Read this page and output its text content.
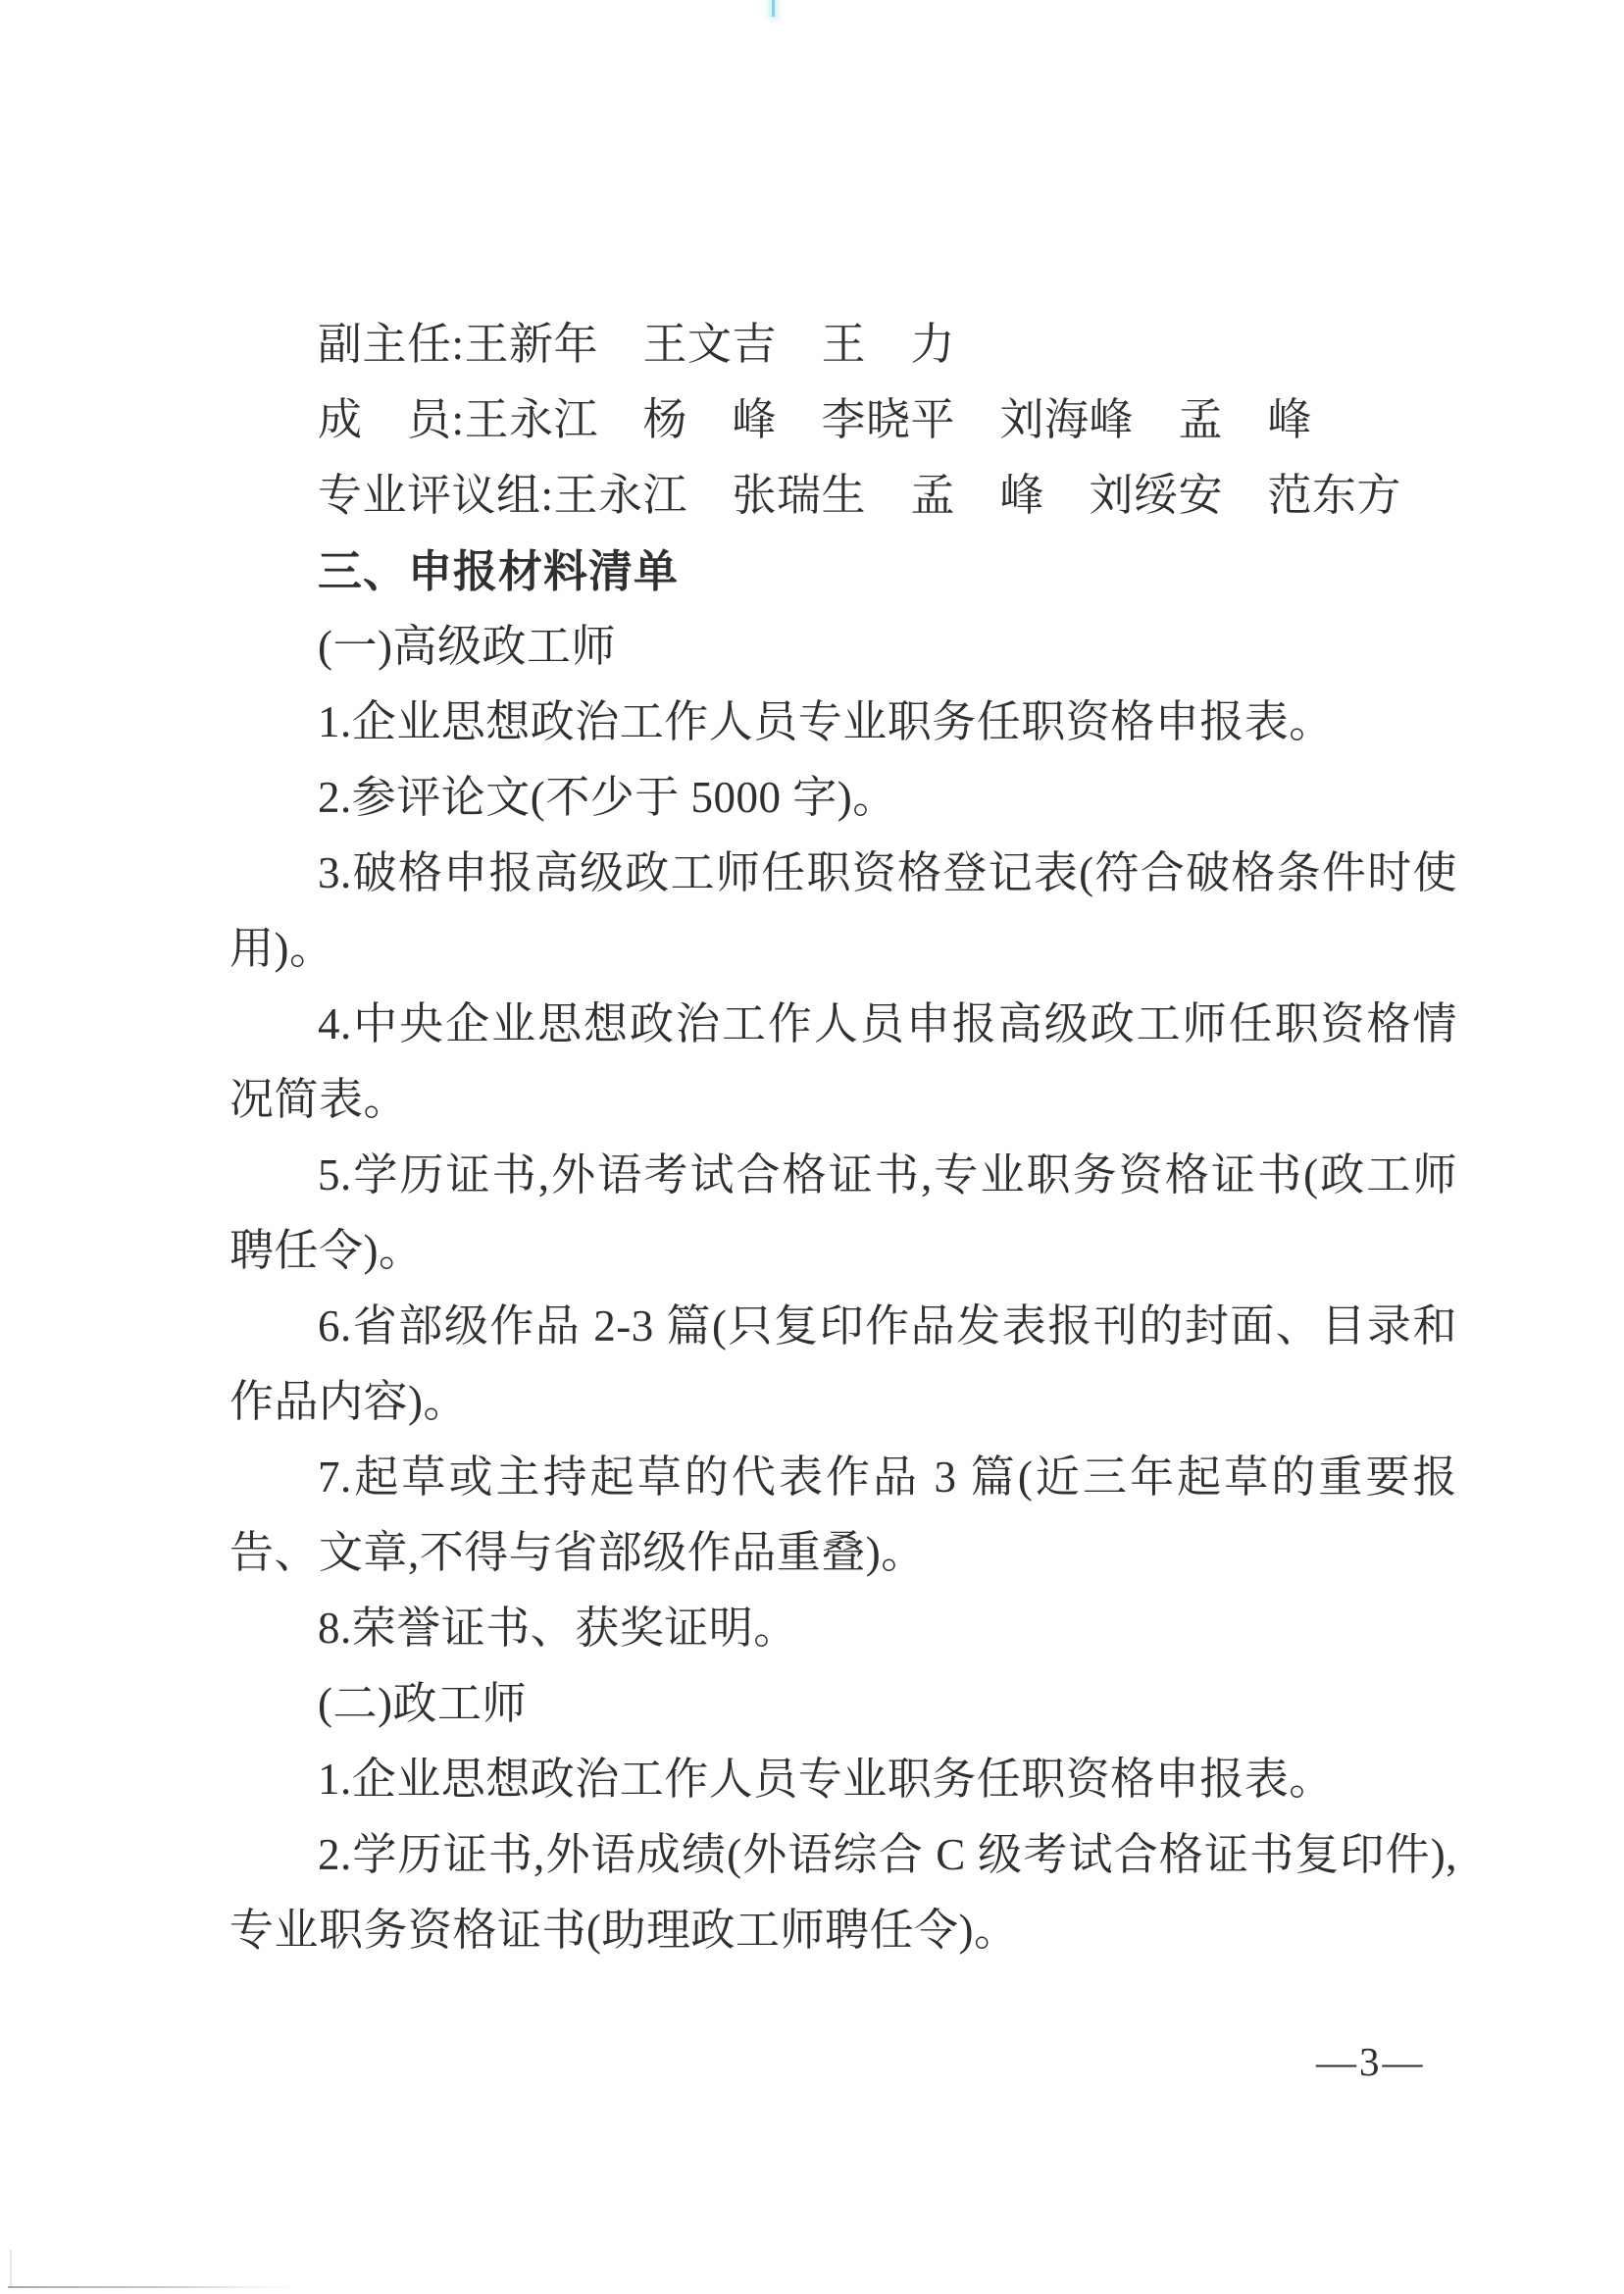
副主任:王新年　王文吉　王　力

成　员:王永江　杨　峰　李晓平　刘海峰　孟　峰

专业评议组:王永江　张瑞生　孟　峰　刘绥安　范东方

三、申报材料清单

(一)高级政工师

1.企业思想政治工作人员专业职务任职资格申报表。

2.参评论文(不少于 5000 字)。

3.破格申报高级政工师任职资格登记表(符合破格条件时使用)。

4.中央企业思想政治工作人员申报高级政工师任职资格情况简表。

5.学历证书,外语考试合格证书,专业职务资格证书(政工师聘任令)。

6.省部级作品 2-3 篇(只复印作品发表报刊的封面、目录和作品内容)。

7.起草或主持起草的代表作品 3 篇(近三年起草的重要报告、文章,不得与省部级作品重叠)。

8.荣誉证书、获奖证明。

(二)政工师

1.企业思想政治工作人员专业职务任职资格申报表。

2.学历证书,外语成绩(外语综合 C 级考试合格证书复印件),专业职务资格证书(助理政工师聘任令)。

—3—
